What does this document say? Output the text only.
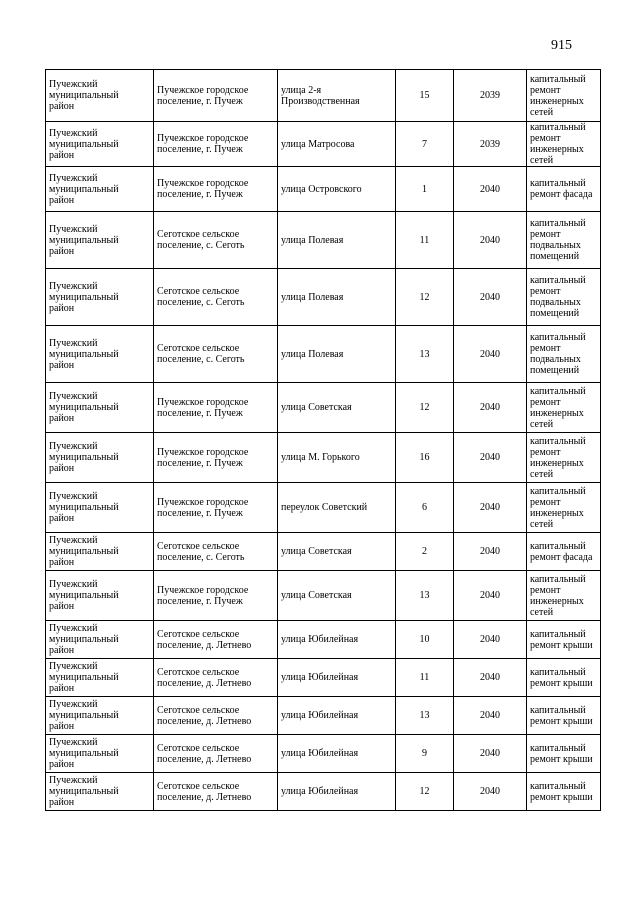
915
Пучежский
муниципальный
район	Пучежское городское
поселение, г. Пучеж	улица 2-я
Производственная	15	2039	капитальный
ремонт
инженерных
сетей

Пучежский
муниципальный
район	Пучежское городское
поселение, г. Пучеж	улица Матросова	7	2039	капитальный
ремонт
инженерных
сетей

Пучежский
муниципальный
район	Пучежское городское
поселение, г. Пучеж	улица Островского	1	2040	капитальный
ремонт фасада

Пучежский
муниципальный
район	Сеготское сельское
поселение, с. Сеготь	улица Полевая	11	2040	капитальный
ремонт
подвальных
помещений

Пучежский
муниципальный
район	Сеготское сельское
поселение, с. Сеготь	улица Полевая	12	2040	капитальный
ремонт
подвальных
помещений

Пучежский
муниципальный
район	Сеготское сельское
поселение, с. Сеготь	улица Полевая	13	2040	капитальный
ремонт
подвальных
помещений

Пучежский
муниципальный
район	Пучежское городское
поселение, г. Пучеж	улица Советская	12	2040	капитальный
ремонт
инженерных
сетей

Пучежский
муниципальный
район	Пучежское городское
поселение, г. Пучеж	улица М. Горького	16	2040	капитальный
ремонт
инженерных
сетей

Пучежский
муниципальный
район	Пучежское городское
поселение, г. Пучеж	переулок Советский	6	2040	капитальный
ремонт
инженерных
сетей

Пучежский
муниципальный
район	Сеготское сельское
поселение, с. Сеготь	улица Советская	2	2040	капитальный
ремонт фасада

Пучежский
муниципальный
район	Пучежское городское
поселение, г. Пучеж	улица Советская	13	2040	капитальный
ремонт
инженерных
сетей

Пучежский
муниципальный
район	Сеготское сельское
поселение, д. Летнево	улица Юбилейная	10	2040	капитальный
ремонт крыши

Пучежский
муниципальный
район	Сеготское сельское
поселение, д. Летнево	улица Юбилейная	11	2040	капитальный
ремонт крыши

Пучежский
муниципальный
район	Сеготское сельское
поселение, д. Летнево	улица Юбилейная	13	2040	капитальный
ремонт крыши

Пучежский
муниципальный
район	Сеготское сельское
поселение, д. Летнево	улица Юбилейная	9	2040	капитальный
ремонт крыши

Пучежский
муниципальный
район	Сеготское сельское
поселение, д. Летнево	улица Юбилейная	12	2040	капитальный
ремонт крыши
